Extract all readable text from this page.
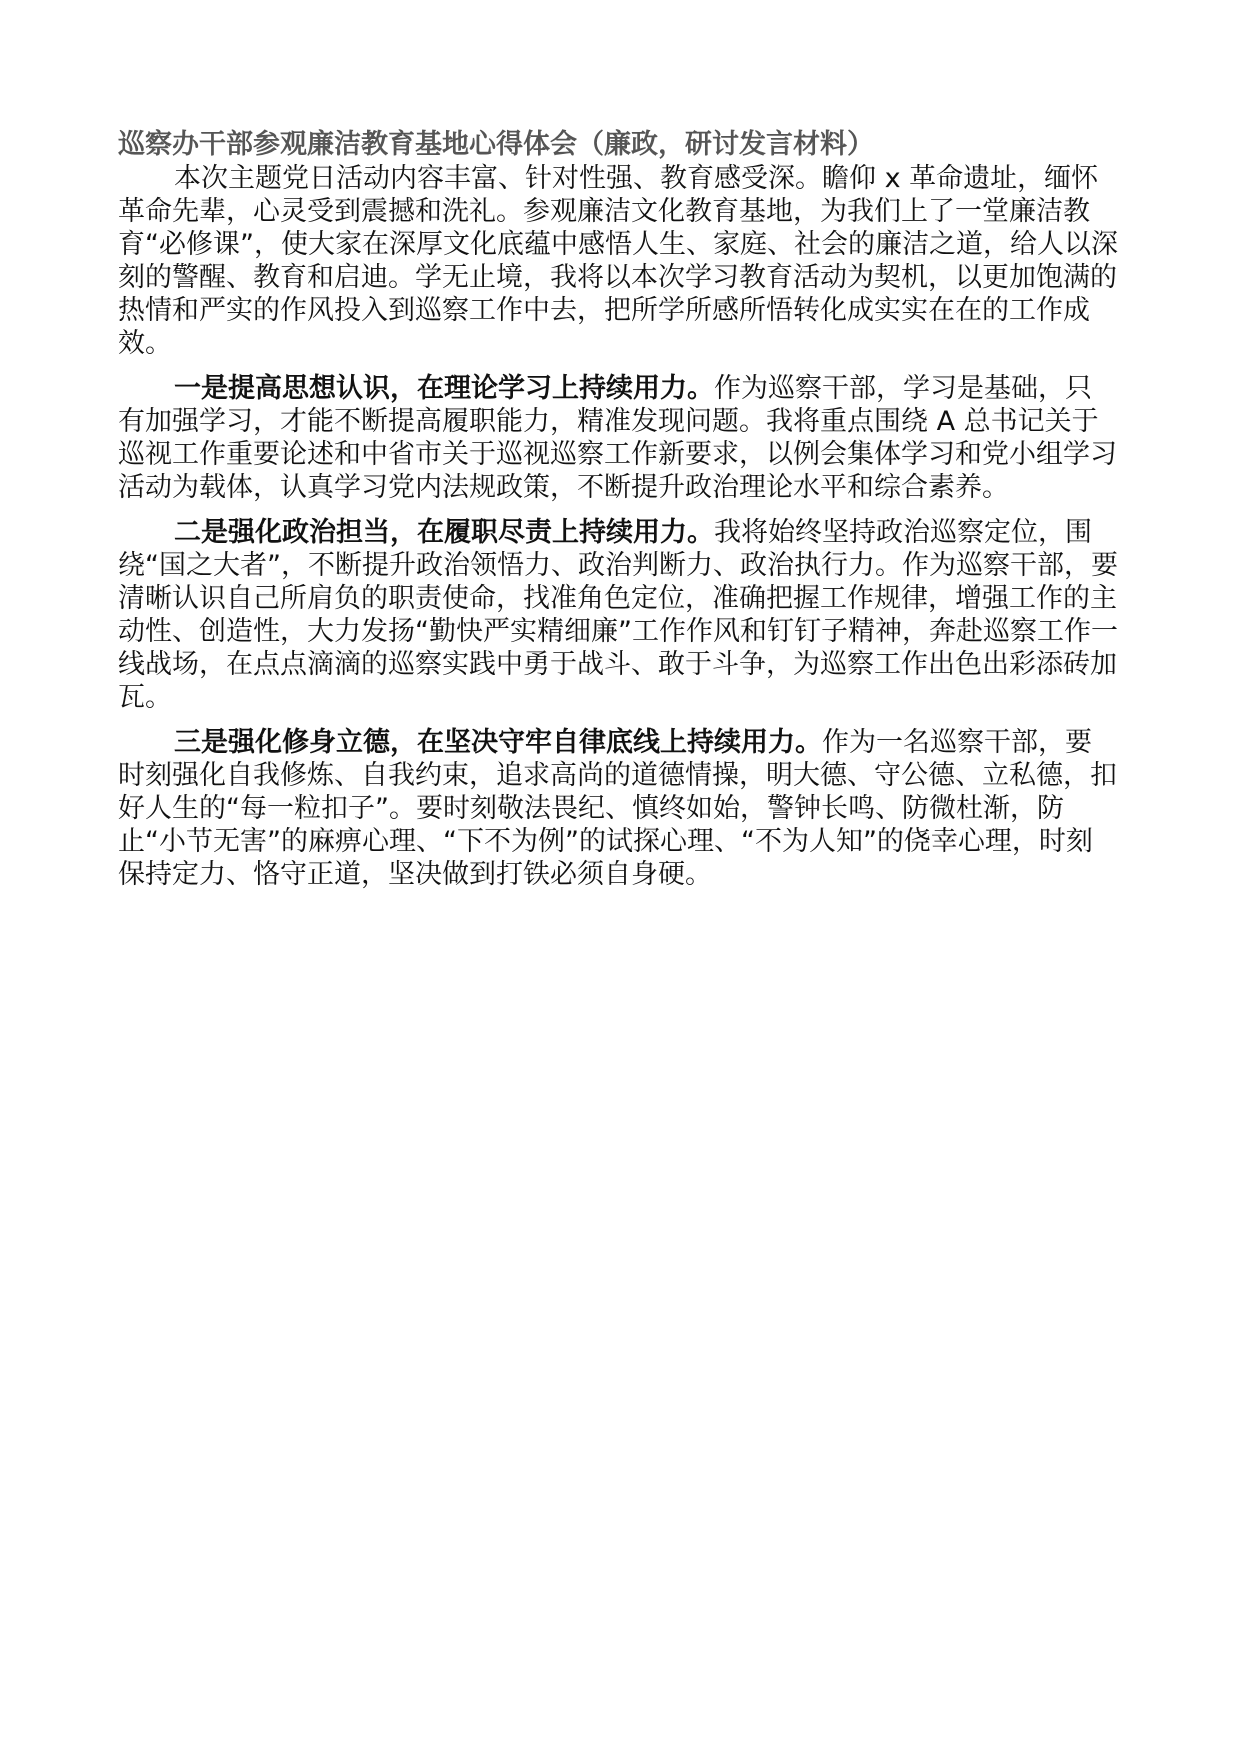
巡察办干部参观廉洁教育基地心得体会（廉政，研讨发言材料）

本次主题党日活动内容丰富、针对性强、教育感受深。瞻仰 x 革命遗址，缅怀革命先辈，心灵受到震撼和洗礼。参观廉洁文化教育基地，为我们上了一堂廉洁教育“必修课”，使大家在深厚文化底蕴中感悟人生、家庭、社会的廉洁之道，给人以深刻的警醒、教育和启迪。学无止境，我将以本次学习教育活动为契机，以更加饱满的热情和严实的作风投入到巡察工作中去，把所学所感所悟转化成实实在在的工作成效。

一是提高思想认识，在理论学习上持续用力。作为巡察干部，学习是基础，只有加强学习，才能不断提高履职能力，精准发现问题。我将重点围绕 A 总书记关于巡视工作重要论述和中省市关于巡视巡察工作新要求，以例会集体学习和党小组学习活动为载体，认真学习党内法规政策，不断提升政治理论水平和综合素养。

二是强化政治担当，在履职尽责上持续用力。我将始终坚持政治巡察定位，围绕“国之大者”，不断提升政治领悟力、政治判断力、政治执行力。作为巡察干部，要清晰认识自己所肩负的职责使命，找准角色定位，准确把握工作规律，增强工作的主动性、创造性，大力发扬“勤快严实精细廉”工作作风和钉钉子精神，奔赴巡察工作一线战场，在点点滴滴的巡察实践中勇于战斗、敢于斗争，为巡察工作出色出彩添砖加瓦。

三是强化修身立德，在坚决守牢自律底线上持续用力。作为一名巡察干部，要时刻强化自我修炼、自我约束，追求高尚的道德情操，明大德、守公德、立私德，扣好人生的“每一粒扣子”。要时刻敬法畏纪、慎终如始，警钟长鸣、防微杜渐，防止“小节无害”的麻痹心理、“下不为例”的试探心理、“不为人知”的侥幸心理，时刻保持定力、恪守正道，坚决做到打铁必须自身硬。
